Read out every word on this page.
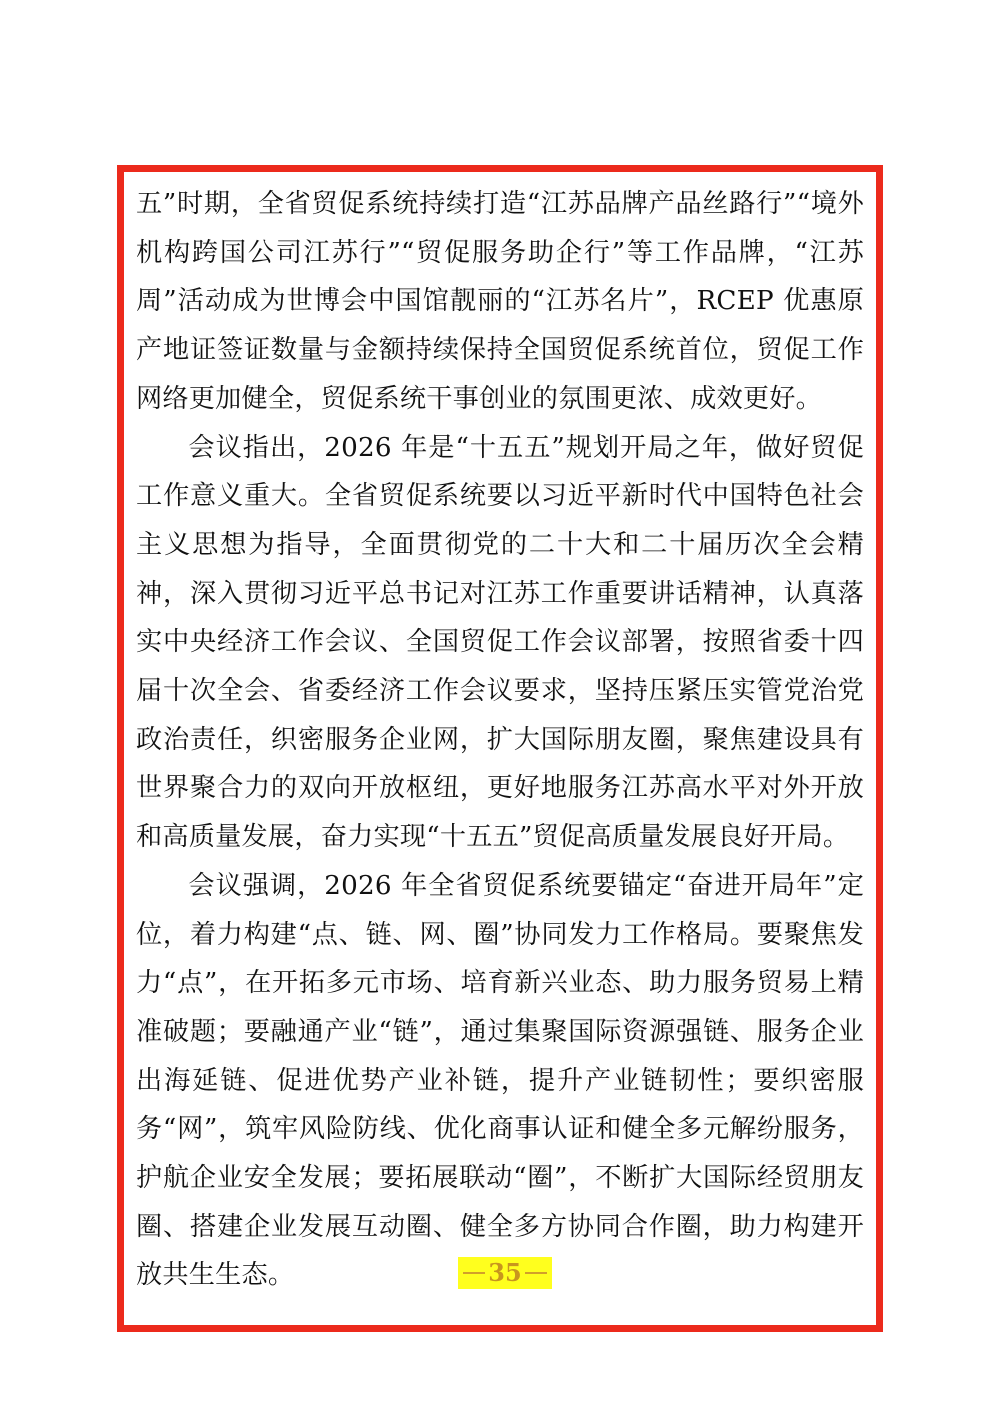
五”时期，全省贸促系统持续打造“江苏品牌产品丝路行”“境外机构跨国公司江苏行”“贸促服务助企行”等工作品牌，“江苏周”活动成为世博会中国馆靓丽的“江苏名片”，RCEP 优惠原产地证签证数量与金额持续保持全国贸促系统首位，贸促工作网络更加健全，贸促系统干事创业的氛围更浓、成效更好。

会议指出，2026 年是“十五五”规划开局之年，做好贸促工作意义重大。全省贸促系统要以习近平新时代中国特色社会主义思想为指导，全面贯彻党的二十大和二十届历次全会精神，深入贯彻习近平总书记对江苏工作重要讲话精神，认真落实中央经济工作会议、全国贸促工作会议部署，按照省委十四届十次全会、省委经济工作会议要求，坚持压紧压实管党治党政治责任，织密服务企业网，扩大国际朋友圈，聚焦建设具有世界聚合力的双向开放枢纽，更好地服务江苏高水平对外开放和高质量发展，奋力实现“十五五”贸促高质量发展良好开局。

会议强调，2026 年全省贸促系统要锚定“奋进开局年”定位，着力构建“点、链、网、圈”协同发力工作格局。要聚焦发力“点”，在开拓多元市场、培育新兴业态、助力服务贸易上精准破题；要融通产业“链”，通过集聚国际资源强链、服务企业出海延链、促进优势产业补链，提升产业链韧性；要织密服务“网”，筑牢风险防线、优化商事认证和健全多元解纷服务，护航企业安全发展；要拓展联动“圈”，不断扩大国际经贸朋友圈、搭建企业发展互动圈、健全多方协同合作圈，助力构建开放共生生态。	35
